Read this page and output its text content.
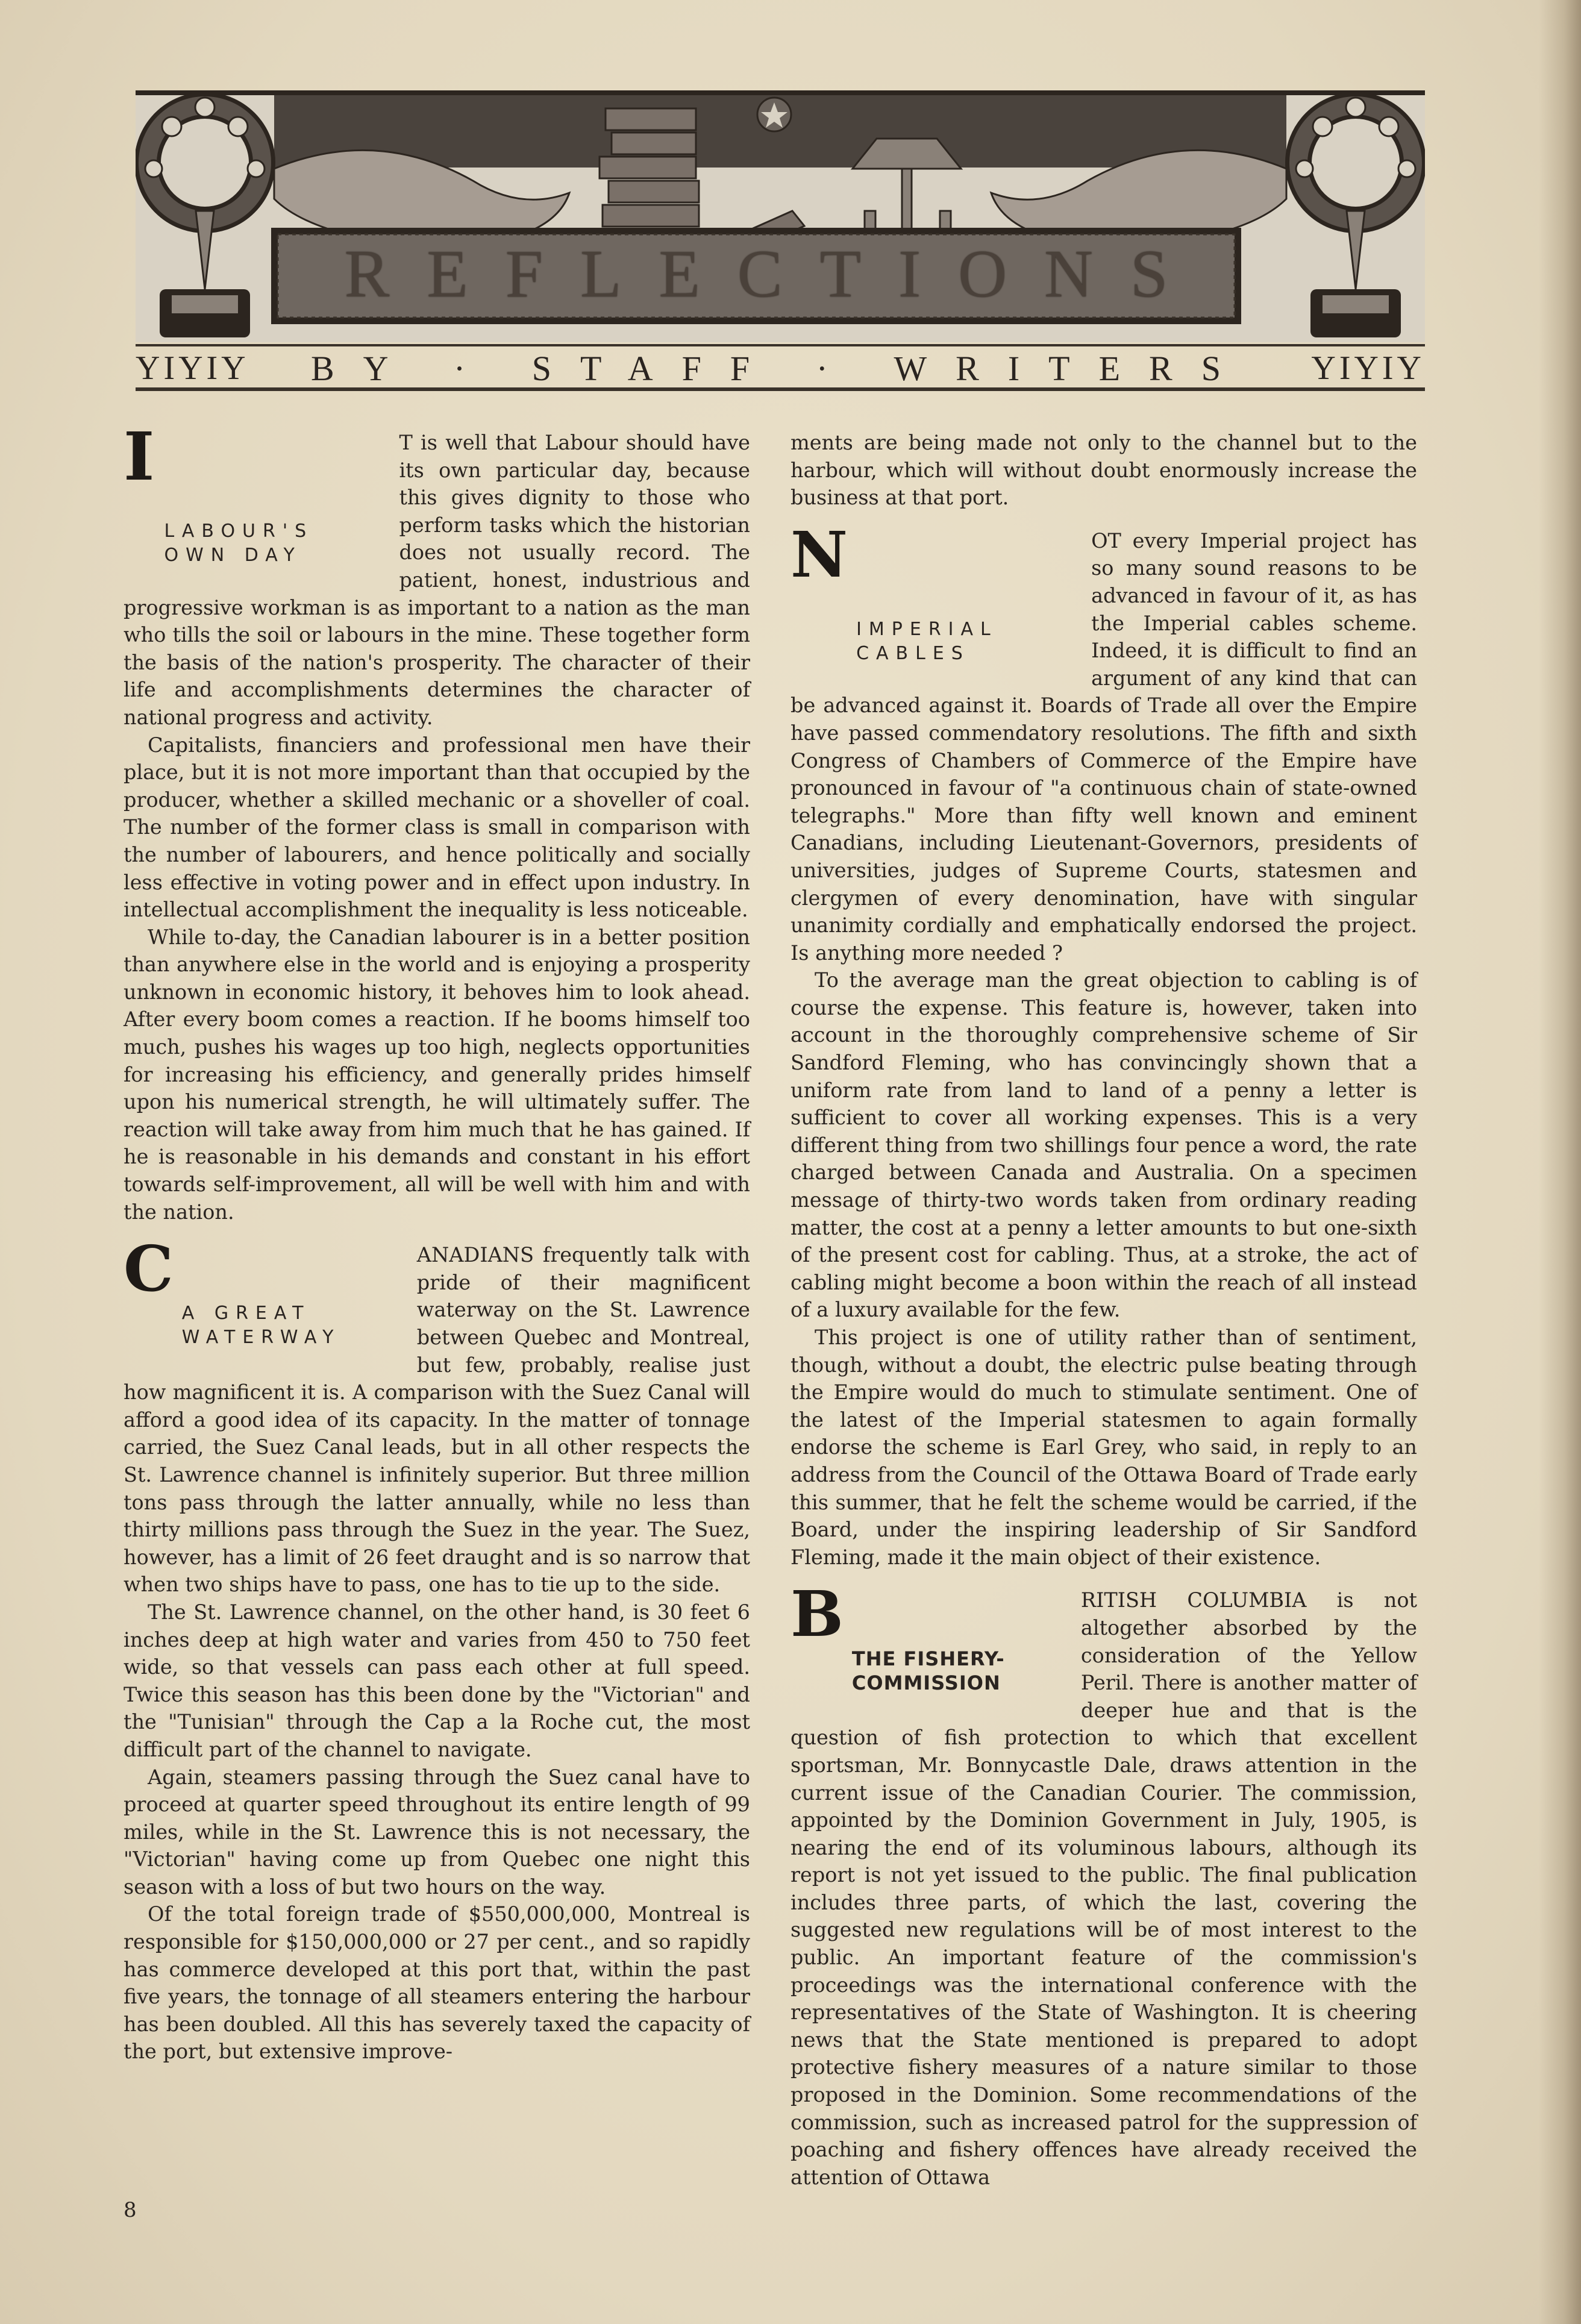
REFLECTIONS
ΥΙΥΙΥ	BY · STAFF · WRITERS	ΥΙΥΙΥ
I
LABOUR'S OWN DAY

T is well that Labour should have its own particular day, because this gives dignity to those who perform tasks which the historian does not usually record. The patient, honest, industrious and progressive workman is as important to a nation as the man who tills the soil or labours in the mine. These together form the basis of the nation's prosperity. The character of their life and accomplishments determines the character of national progress and activity.

Capitalists, financiers and professional men have their place, but it is not more important than that occupied by the producer, whether a skilled mechanic or a shoveller of coal. The number of the former class is small in comparison with the number of labourers, and hence politically and socially less effective in voting power and in effect upon industry. In intellectual accomplishment the inequality is less noticeable.

While to-day, the Canadian labourer is in a better position than anywhere else in the world and is enjoying a prosperity unknown in economic history, it behoves him to look ahead. After every boom comes a reaction. If he booms himself too much, pushes his wages up too high, neglects opportunities for increasing his efficiency, and generally prides himself upon his numerical strength, he will ultimately suffer. The reaction will take away from him much that he has gained. If he is reasonable in his demands and constant in his effort towards self-improvement, all will be well with him and with the nation.

C
A GREAT WATERWAY

ANADIANS frequently talk with pride of their magnificent waterway on the St. Lawrence between Quebec and Montreal, but few, probably, realise just how magnificent it is. A comparison with the Suez Canal will afford a good idea of its capacity. In the matter of tonnage carried, the Suez Canal leads, but in all other respects the St. Lawrence channel is infinitely superior. But three million tons pass through the latter annually, while no less than thirty millions pass through the Suez in the year. The Suez, however, has a limit of 26 feet draught and is so narrow that when two ships have to pass, one has to tie up to the side.

The St. Lawrence channel, on the other hand, is 30 feet 6 inches deep at high water and varies from 450 to 750 feet wide, so that vessels can pass each other at full speed. Twice this season has this been done by the "Victorian" and the "Tunisian" through the Cap a la Roche cut, the most difficult part of the channel to navigate.

Again, steamers passing through the Suez canal have to proceed at quarter speed throughout its entire length of 99 miles, while in the St. Lawrence this is not necessary, the "Victorian" having come up from Quebec one night this season with a loss of but two hours on the way.

Of the total foreign trade of $550,000,000, Montreal is responsible for $150,000,000 or 27 per cent., and so rapidly has commerce developed at this port that, within the past five years, the tonnage of all steamers entering the harbour has been doubled. All this has severely taxed the capacity of the port, but extensive improve-

ments are being made not only to the channel but to the harbour, which will without doubt enormously increase the business at that port.

N
IMPERIAL CABLES

OT every Imperial project has so many sound reasons to be advanced in favour of it, as has the Imperial cables scheme. Indeed, it is difficult to find an argument of any kind that can be advanced against it. Boards of Trade all over the Empire have passed commendatory resolutions. The fifth and sixth Congress of Chambers of Commerce of the Empire have pronounced in favour of "a continuous chain of state-owned telegraphs." More than fifty well known and eminent Canadians, including Lieutenant-Governors, presidents of universities, judges of Supreme Courts, statesmen and clergymen of every denomination, have with singular unanimity cordially and emphatically endorsed the project. Is anything more needed ?

To the average man the great objection to cabling is of course the expense. This feature is, however, taken into account in the thoroughly comprehensive scheme of Sir Sandford Fleming, who has convincingly shown that a uniform rate from land to land of a penny a letter is sufficient to cover all working expenses. This is a very different thing from two shillings four pence a word, the rate charged between Canada and Australia. On a specimen message of thirty-two words taken from ordinary reading matter, the cost at a penny a letter amounts to but one-sixth of the present cost for cabling. Thus, at a stroke, the act of cabling might become a boon within the reach of all instead of a luxury available for the few.

This project is one of utility rather than of sentiment, though, without a doubt, the electric pulse beating through the Empire would do much to stimulate sentiment. One of the latest of the Imperial statesmen to again formally endorse the scheme is Earl Grey, who said, in reply to an address from the Council of the Ottawa Board of Trade early this summer, that he felt the scheme would be carried, if the Board, under the inspiring leadership of Sir Sandford Fleming, made it the main object of their existence.

B
THE FISHERY-COMMISSION

RITISH COLUMBIA is not altogether absorbed by the consideration of the Yellow Peril. There is another matter of deeper hue and that is the question of fish protection to which that excellent sportsman, Mr. Bonnycastle Dale, draws attention in the current issue of the Canadian Courier. The commission, appointed by the Dominion Government in July, 1905, is nearing the end of its voluminous labours, although its report is not yet issued to the public. The final publication includes three parts, of which the last, covering the suggested new regulations will be of most interest to the public. An important feature of the commission's proceedings was the international conference with the representatives of the State of Washington. It is cheering news that the State mentioned is prepared to adopt protective fishery measures of a nature similar to those proposed in the Dominion. Some recommendations of the commission, such as increased patrol for the suppression of poaching and fishery offences have already received the attention of Ottawa

8
